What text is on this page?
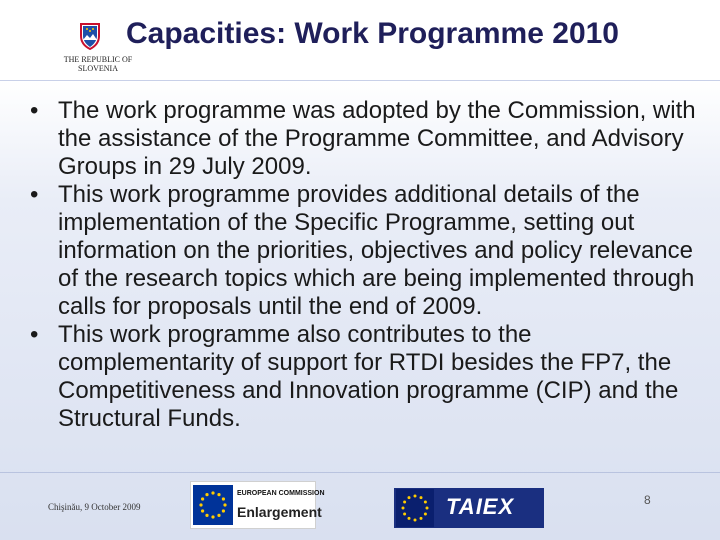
THE REPUBLIC OF
SLOVENIA
Capacities: Work Programme 2010
• The work programme was adopted by the Commission, with the assistance of the Programme Committee, and Advisory Groups in 29 July 2009.
• This work programme provides additional details of the implementation of the Specific Programme, setting out information on the priorities, objectives and policy relevance of the research topics which are being implemented through calls for proposals until the end of 2009.
• This work programme also contributes to the complementarity of support for RTDI besides the FP7, the Competitiveness and Innovation programme (CIP) and the Structural Funds.
Chişinău, 9 October 2009
EUROPEAN COMMISSION
Enlargement	TAIEX	8
